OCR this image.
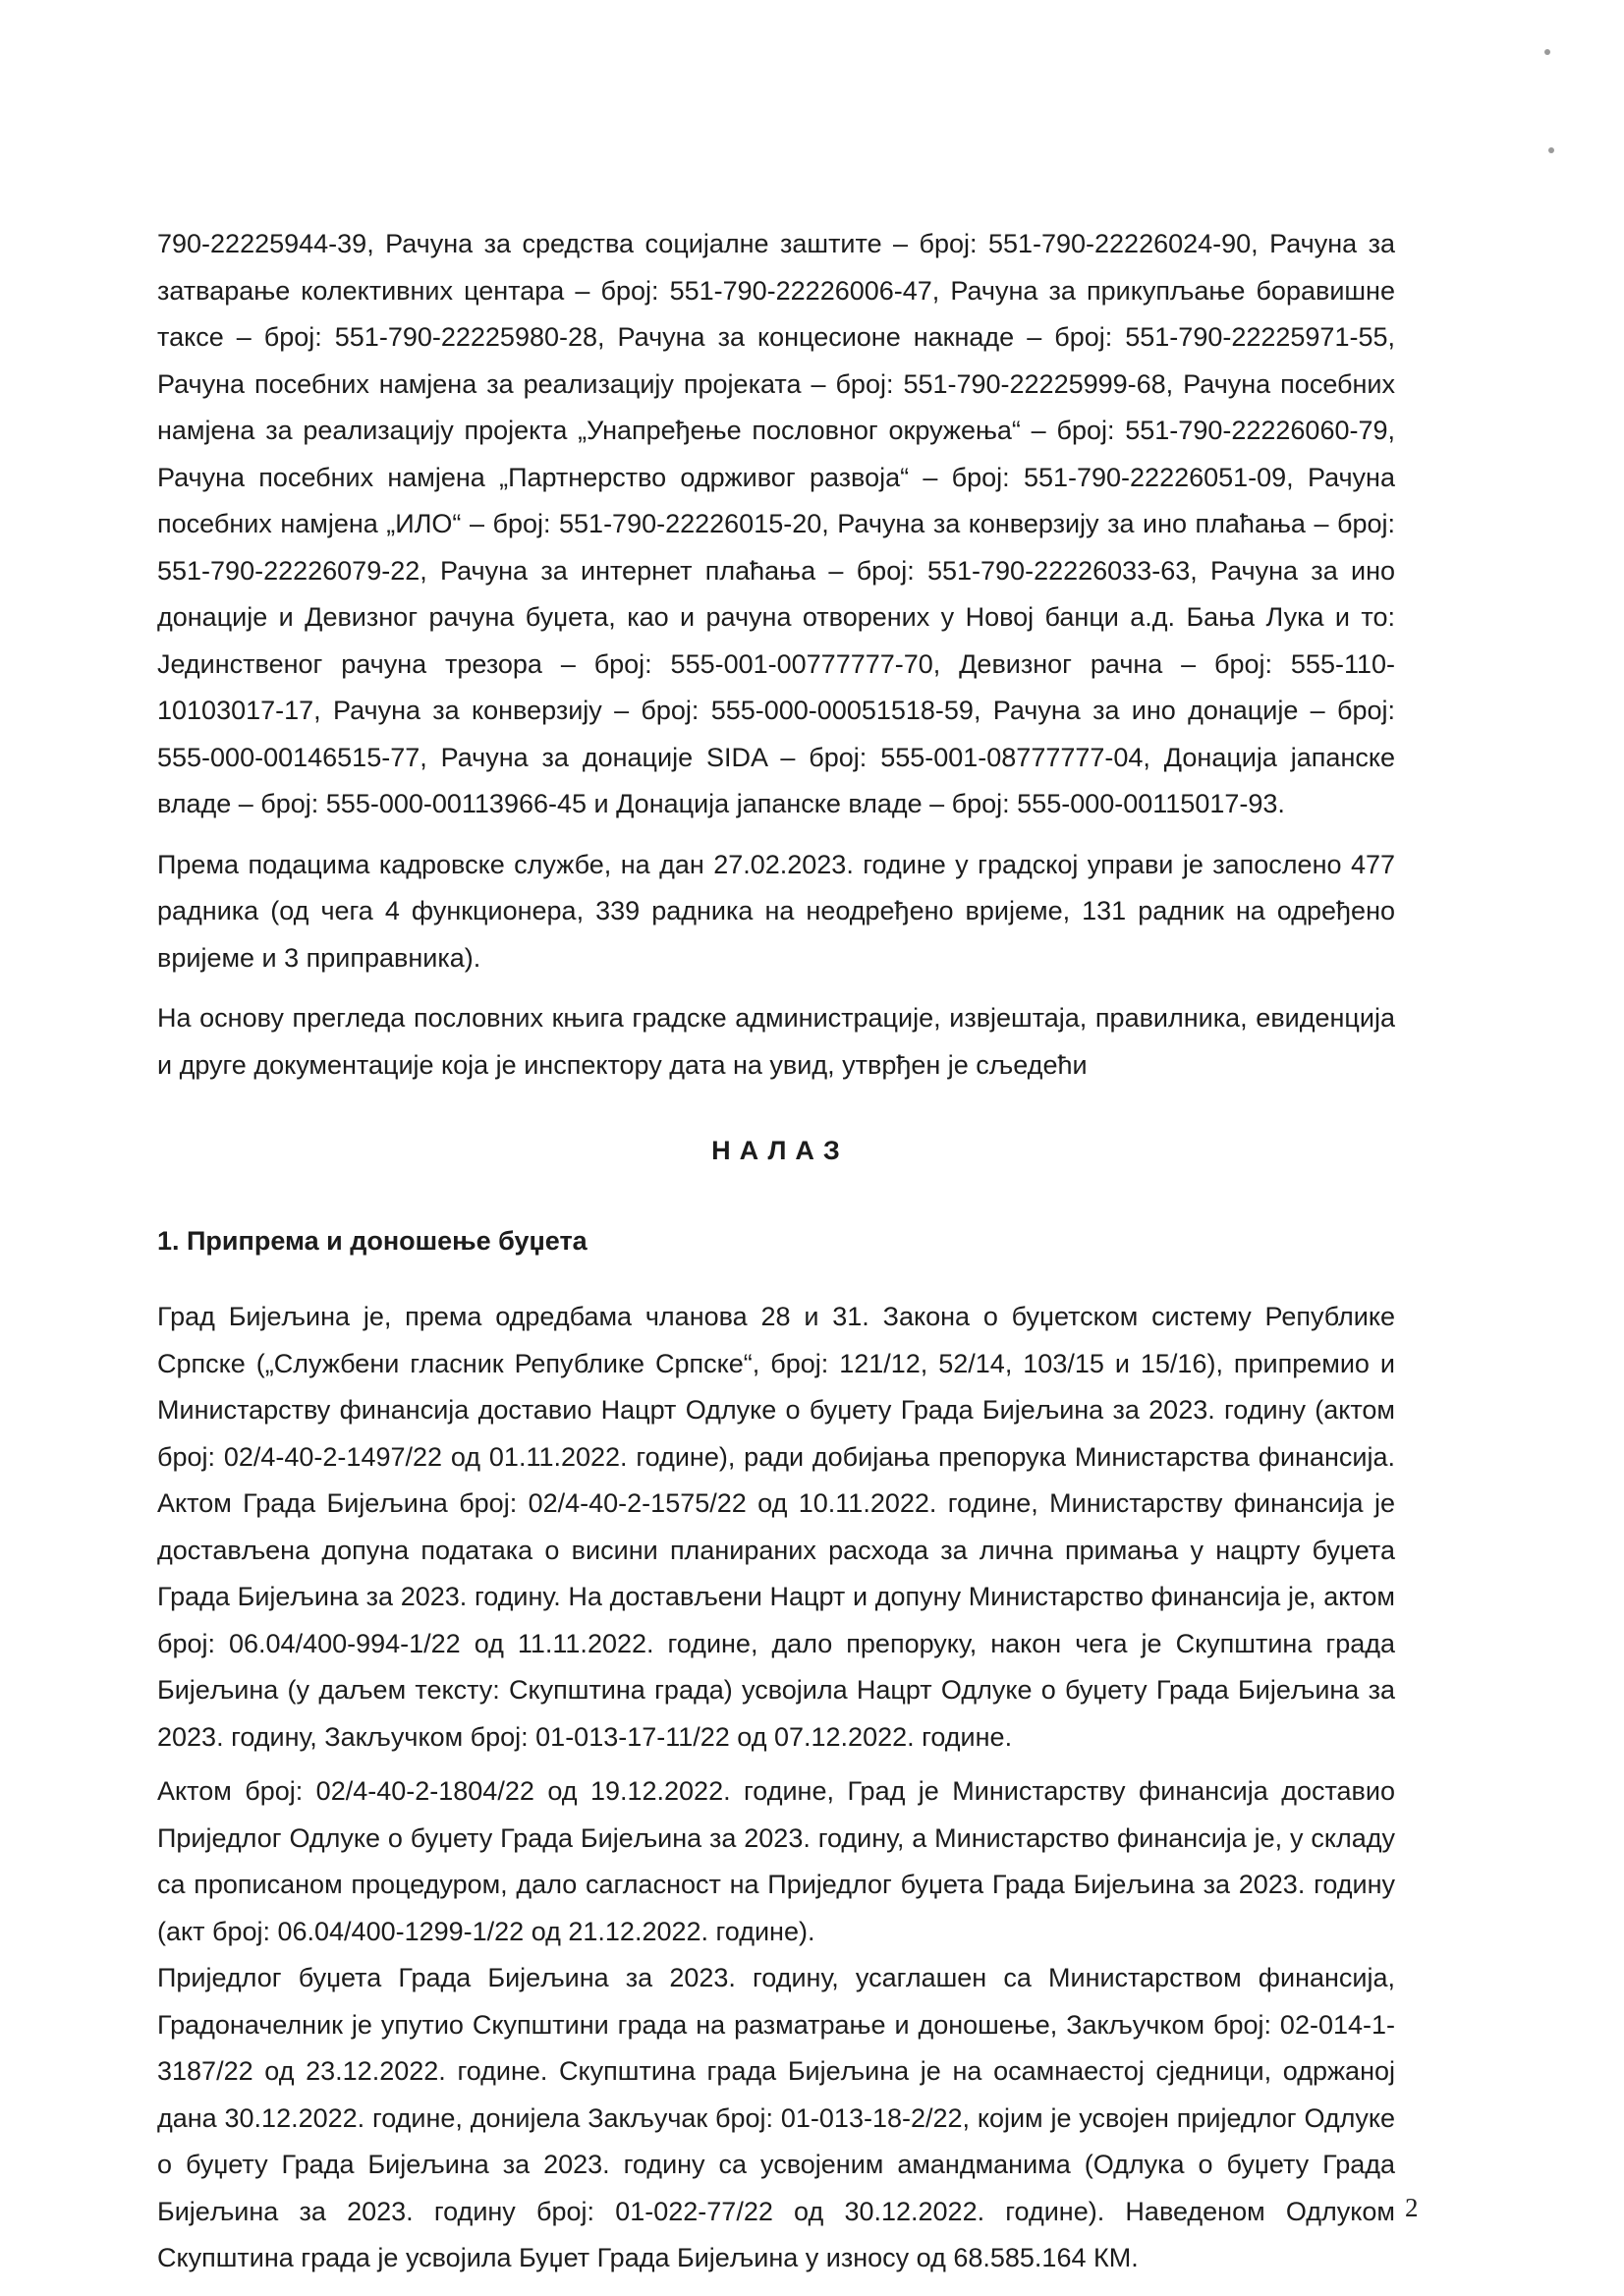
790-22225944-39, Рачуна за средства социјалне заштите – број: 551-790-22226024-90, Рачуна за затварање колективних центара – број: 551-790-22226006-47, Рачуна за прикупљање боравишне таксе – број: 551-790-22225980-28, Рачуна за концесионе накнаде – број: 551-790-22225971-55, Рачуна посебних намјена за реализацију пројеката – број: 551-790-22225999-68, Рачуна посебних намјена за реализацију пројекта „Унапређење пословног окружења“ – број: 551-790-22226060-79, Рачуна посебних намјена „Партнерство одрживог развоја“ – број: 551-790-22226051-09, Рачуна посебних намјена „ИЛО“ – број: 551-790-22226015-20, Рачуна за конверзију за ино плаћања – број: 551-790-22226079-22, Рачуна за интернет плаћања – број: 551-790-22226033-63, Рачуна за ино донације и Девизног рачуна буџета, као и рачуна отворених у Новој банци а.д. Бања Лука и то: Јединственог рачуна трезора – број: 555-001-00777777-70, Девизног рачна – број: 555-110-10103017-17, Рачуна за конверзију – број: 555-000-00051518-59, Рачуна за ино донације – број: 555-000-00146515-77, Рачуна за донације SIDA – број: 555-001-08777777-04, Донација јапанске владе – број: 555-000-00113966-45 и Донација јапанске владе – број: 555-000-00115017-93.

Према подацима кадровске службе, на дан 27.02.2023. године у градској управи је запослено 477 радника (од чега 4 функционера, 339 радника на неодређено вријеме, 131 радник на одређено вријеме и 3 приправника).

На основу прегледа пословних књига градске администрације, извјештаја, правилника, евиденција и друге документације која је инспектору дата на увид, утврђен је сљедећи

НАЛАЗ
1. Припрема и доношење буџета

Град Бијељина је, према одредбама чланова 28 и 31. Закона о буџетском систему Републике Српске („Службени гласник Републике Српске“, број: 121/12, 52/14, 103/15 и 15/16), припремио и Министарству финансија доставио Нацрт Одлуке о буџету Града Бијељина за 2023. годину (актом број: 02/4-40-2-1497/22 од 01.11.2022. године), ради добијања препорука Министарства финансија. Актом Града Бијељина број: 02/4-40-2-1575/22 од 10.11.2022. године, Министарству финансија је достављена допуна података о висини планираних расхода за лична примања у нацрту буџета Града Бијељина за 2023. годину. На достављени Нацрт и допуну Министарство финансија је, актом број: 06.04/400-994-1/22 од 11.11.2022. године, дало препоруку, након чега је Скупштина града Бијељина (у даљем тексту: Скупштина града) усвојила Нацрт Одлуке о буџету Града Бијељина за 2023. годину, Закључком број: 01-013-17-11/22 од 07.12.2022. године.

Актом број: 02/4-40-2-1804/22 од 19.12.2022. године, Град је Министарству финансија доставио Приједлог Одлуке о буџету Града Бијељина за 2023. годину, а Министарство финансија је, у складу са прописаном процедуром, дало сагласност на Приједлог буџета Града Бијељина за 2023. годину (акт број: 06.04/400-1299-1/22 од 21.12.2022. године).

Приједлог буџета Града Бијељина за 2023. годину, усаглашен са Министарством финансија, Градоначелник је упутио Скупштини града на разматрање и доношење, Закључком број: 02-014-1-3187/22 од 23.12.2022. године. Скупштина града Бијељина је на осамнаестој сједници, одржаној дана 30.12.2022. године, донијела Закључак број: 01-013-18-2/22, којим је усвојен приједлог Одлуке о буџету Града Бијељина за 2023. годину са усвојеним амандманима (Одлука о буџету Града Бијељина за 2023. годину број: 01-022-77/22 од 30.12.2022. године). Наведеном Одлуком Скупштина града је усвојила Буџет Града Бијељина у износу од 68.585.164 КМ.

2
